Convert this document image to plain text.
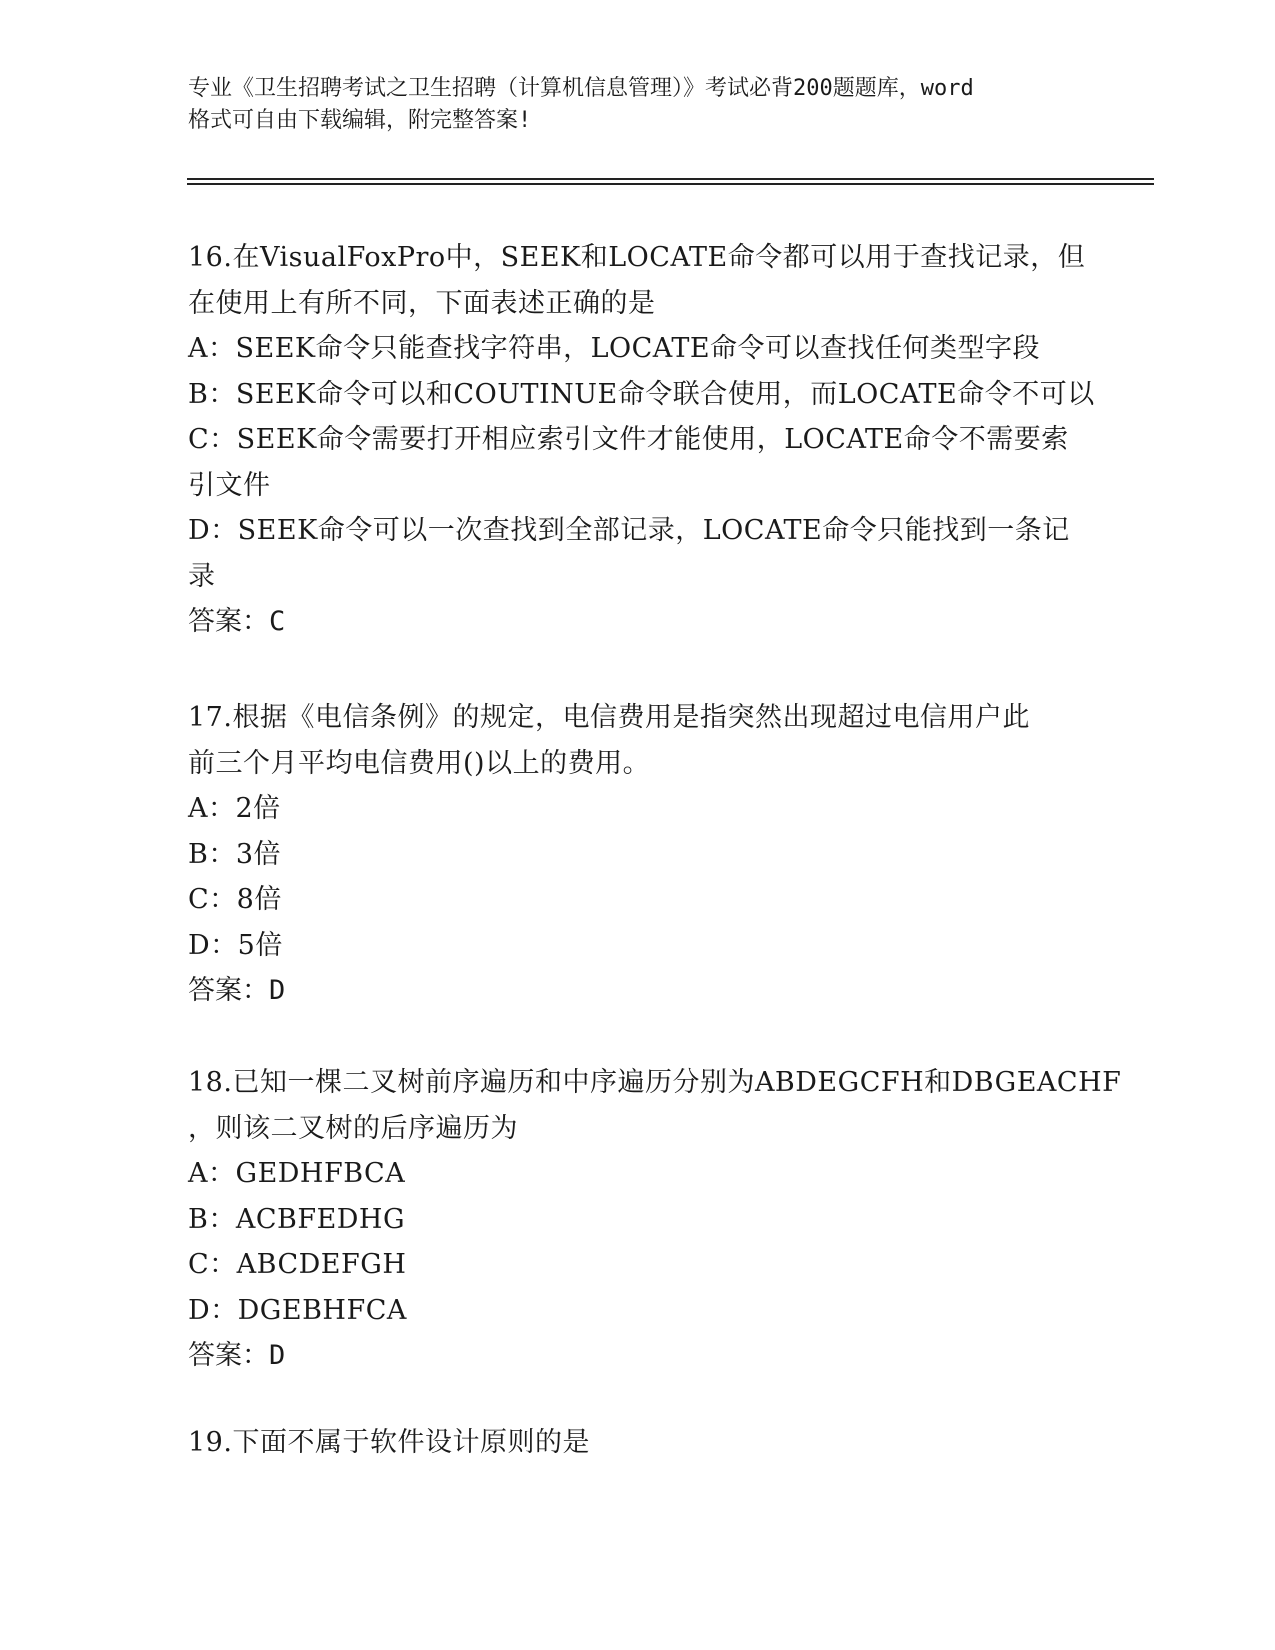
专业《卫生招聘考试之卫生招聘（计算机信息管理）》考试必背200题题库，word

格式可自由下载编辑，附完整答案!

16.在VisualFoxPro中，SEEK和LOCATE命令都可以用于查找记录，但

在使用上有所不同，下面表述正确的是

A：SEEK命令只能查找字符串，LOCATE命令可以查找任何类型字段

B：SEEK命令可以和COUTINUE命令联合使用，而LOCATE命令不可以

C：SEEK命令需要打开相应索引文件才能使用，LOCATE命令不需要索

引文件

D：SEEK命令可以一次查找到全部记录，LOCATE命令只能找到一条记

录

答案：C

17.根据《电信条例》的规定，电信费用是指突然出现超过电信用户此

前三个月平均电信费用()以上的费用。

A：2倍

B：3倍

C：8倍

D：5倍

答案：D

18.已知一棵二叉树前序遍历和中序遍历分别为ABDEGCFH和DBGEACHF

，则该二叉树的后序遍历为

A：GEDHFBCA

B：ACBFEDHG

C：ABCDEFGH

D：DGEBHFCA

答案：D

19.下面不属于软件设计原则的是
